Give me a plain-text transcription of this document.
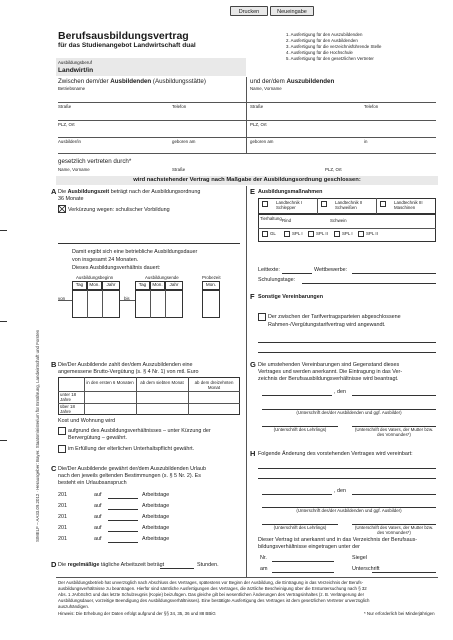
Drucken	Neueingabe
SIMELF – AA33.09.2012 · Herausgeber: Bayer. Staatsministerium für Ernährung, Landwirtschaft und Forsten
Berufsausbildungsvertrag
für das Studienangebot Landwirtschaft dual
1. Ausfertigung für den Auszubildenden
2. Ausfertigung für den Ausbildenden
3. Ausfertigung für die verzeichnisführende Stelle
4. Ausfertigung für die Hochschule
5. Ausfertigung für den gesetzlichen Vertreter
Ausbildungsberuf
Landwirt/in
Zwischen dem/der Ausbildenden (Ausbildungsstätte)	und der/dem Auszubildenden
Betriebsname	Name, Vorname
Straße	Telefon	Straße	Telefon
PLZ, Ort	PLZ, Ort
Ausbilder/in	geboren am	geboren am	in
gesetzlich vertreten durch*
Name, Vorname	Straße	PLZ, Ort
wird nachstehender Vertrag nach Maßgabe der Ausbildungsordnung geschlossen:
A Die Ausbildungszeit beträgt nach der Ausbildungsordnung
36 Monate
Verkürzung wegen: schulischer Vorbildung
Damit ergibt sich eine betriebliche Ausbildungsdauer
von insgesamt 24 Monaten.
Dieses Ausbildungsverhältnis dauert:
Ausbildungsbeginn	Ausbildungsende	Probezeit
Tag	Mon.	Jahr	Tag	Mon.	Jahr	Mon.
von	bis
B Die/Der Ausbildende zahlt der/dem Auszubildenden eine
angemessene Brutto-Vergütung (s. § 4 Nr. 1) von mtl. Euro
in den ersten 6 Monaten	ab dem siebten Monat	ab dem dreizehnten Monat
unter 18 Jahre
über 18 Jahre
Kost und Wohnung wird
aufgrund des Ausbildungsverhältnisses – unter Kürzung der
Bervergütung – gewährt.
im Erfüllung der elterlichen Unterhaltspflicht gewährt.
C Die/Der Ausbildende gewährt der/dem Auszubildenden Urlaub
nach den jeweils geltenden Bestimmungen (s. § 5 Nr. 2). Es
besteht ein Urlaubsanspruch
201	auf	Arbeitstage
201	auf	Arbeitstage
201	auf	Arbeitstage
201	auf	Arbeitstage
201	auf	Arbeitstage
D Die regelmäßige tägliche Arbeitszeit beträgt	Stunden.
E Ausbildungsmaßnahmen
Landtechnik I Schlepper
Landtechnik II Schweißen
Landtechnik III Maschinen
Tierhaltung Rind	Schwein
GL	SPL I	SPL II	SPL I	SPL II
Leittexte:	Wettbewerbe:
Schulungstage:
F Sonstige Vereinbarungen
Der zwischen der Tarifvertragsparteien abgeschlossene
Rahmen-/Vergütungstarifvertrag wird angewandt.
G Die umstehenden Vereinbarungen sind Gegenstand dieses
Vertrages und werden anerkannt. Die Eintragung in das Ver-
zeichnis der Berufsausbildungsverhältnisse wird beantragt.
, den
(Unterschrift des/der Ausbildenden und ggf. Ausbilder)
(Unterschrift des Lehrlings)	(Unterschrift des Vaters, der Mutter bzw. des Vormundes*)
H Folgende Änderung des vorstehenden Vertrages wird vereinbart:
, den
(Unterschrift des/der Ausbildenden und ggf. Ausbilder)
(Unterschrift des Lehrlings)	(Unterschrift des Vaters, der Mutter bzw. des Vormundes*)
Dieser Vertrag ist anerkannt und in das Verzeichnis der Berufsaus-
bildungsverhältnisse eingetragen unter der
Nr.	Siegel
am	Unterschrift
Der Ausbildungsbetrieb hat unverzüglich nach Abschluss des Vertrages, spätestens vor Beginn der Ausbildung, die Eintragung in das Verzeichnis der Berufs-
ausbildungsverhältnisse zu beantragen. Hierfür sind sämtliche Ausfertigungen des Vertrages, die ärztliche Bescheinigung über die Erstuntersuchung nach § 32
Abs. 1 JArbSchG und das letzte Schulzeugnis (Kopie) beizufügen. Das gleiche gilt bei wesentlichen Änderungen des Vertragsinhaltes (z. B. Verlängerung der
Ausbildungsdauer, vorzeitige Beendigung des Ausbildungsverhältnisses). Eine bestätigte Ausfertigung des Vertrages ist dem gesetzlichen Vertreter unverzüglich
auszuhändigen.
Hinweis: Die Erhebung der Daten erfolgt aufgrund der §§ 34, 35, 36 und 88 BBiG	* Nur erforderlich bei Minderjährigen
